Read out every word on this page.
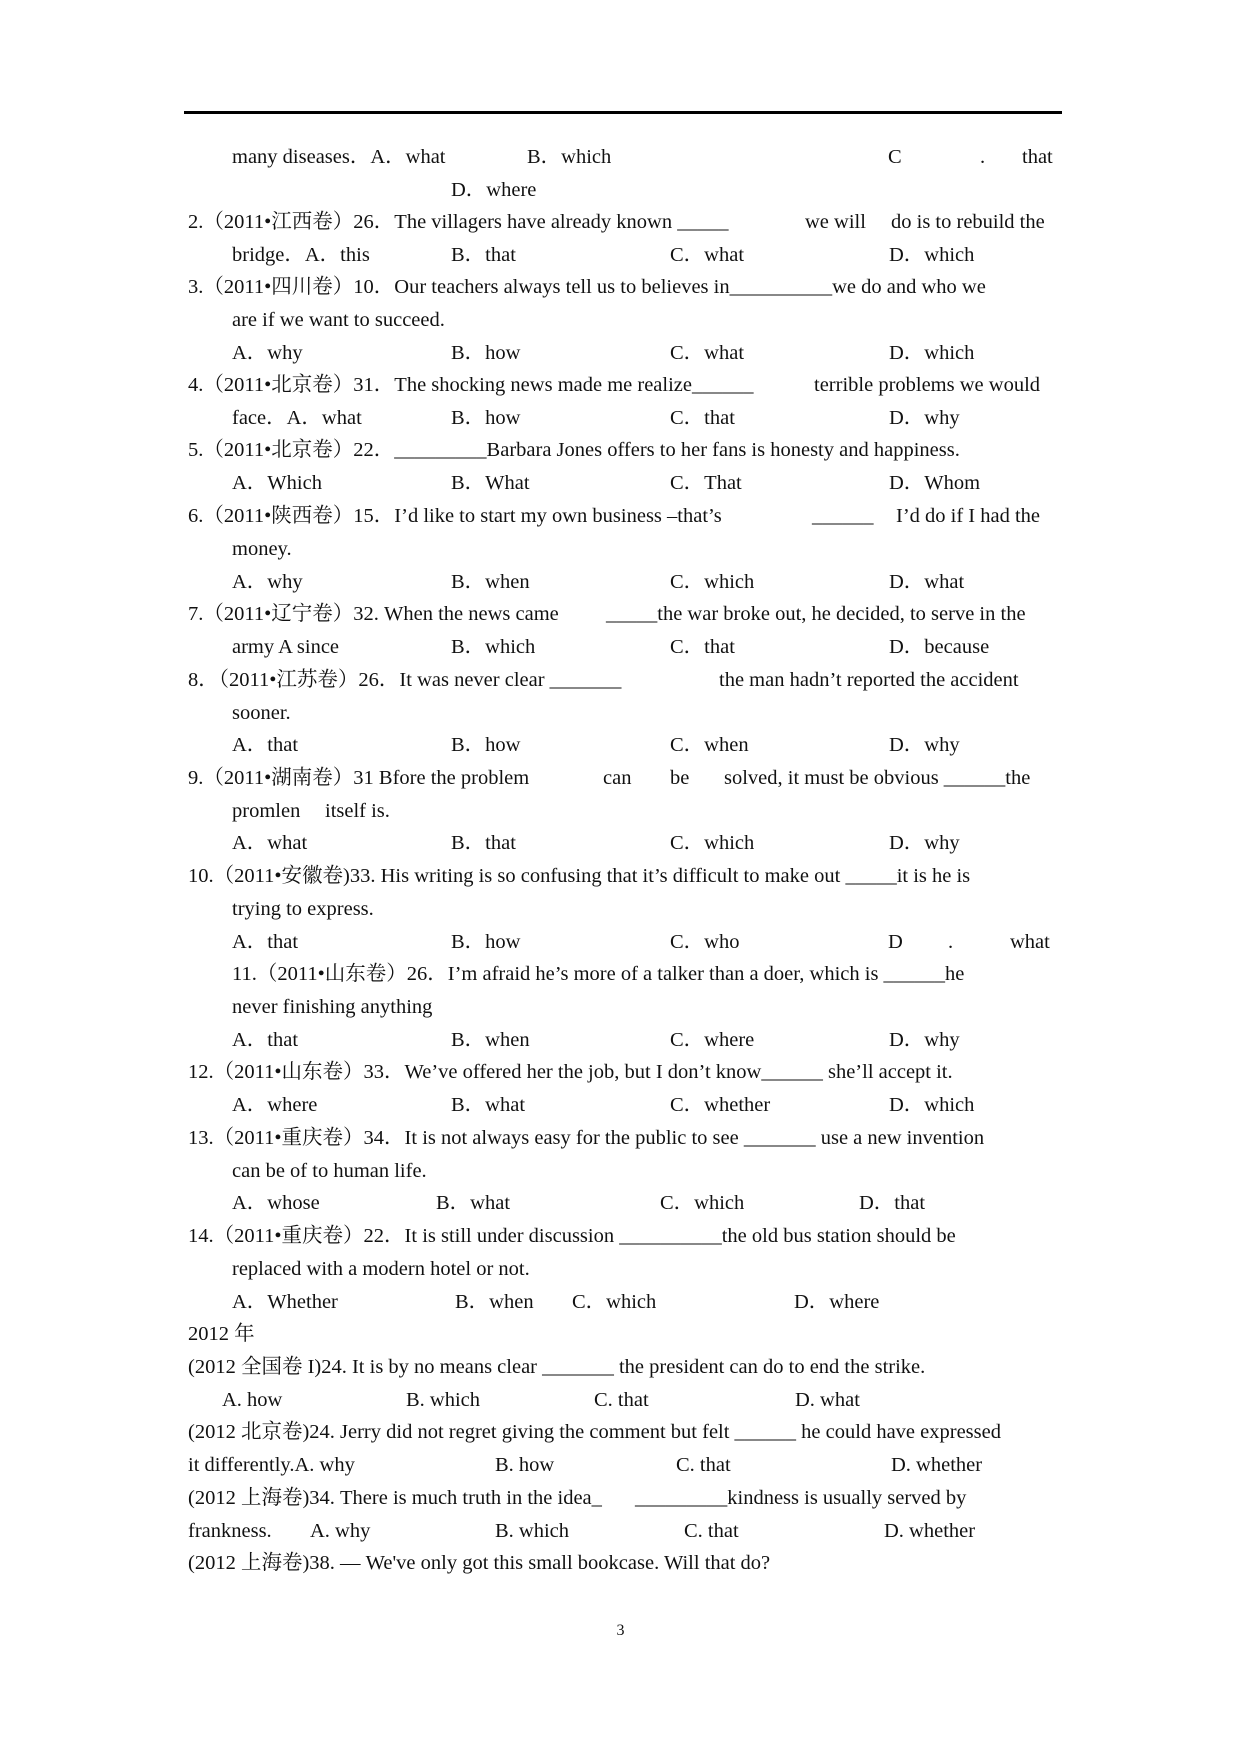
many diseases．A．what	B．which	C	. that
D．where
2.（2011•江西卷）26．The villagers have already known _____	we will do is to rebuild the
bridge．A．this	B．that	C．what	D．which
3.（2011•四川卷）10．Our teachers always tell us to believes in__________we do and who we
are if we want to succeed.
A．why	B．how	C．what	D．which
4.（2011•北京卷）31．The shocking news made me realize______	terrible problems we would
face．A．what	B．how	C．that	D．why
5.（2011•北京卷）22．_________Barbara Jones offers to her fans is honesty and happiness.
A．Which	B．What	C．That	D．Whom
6.（2011•陕西卷）15．I’d like to start my own business –that’s	______ I’d do if I had the
money.
A．why	B．when	C．which	D．what
7.（2011•辽宁卷）32. When the news came _____the war broke out, he decided, to serve in the
army A since	B．which	C．that	D．because
8．（2011•江苏卷）26．It was never clear _______	the man hadn’t reported the accident
sooner.
A．that	B．how	C．when	D．why
9.（2011•湖南卷）31 Bfore the problem	can be solved, it must be obvious ______the
promlen itself is.
A．what	B．that	C．which	D．why
10.（2011•安徽卷)33. His writing is so confusing that it’s difficult to make out _____it is he is
trying to express.
A．that	B．how	C．who	D .	what
11.（2011•山东卷）26．I’m afraid he’s more of a talker than a doer, which is ______he
never finishing anything
A．that	B．when	C．where	D．why
12.（2011•山东卷）33．We’ve offered her the job, but I don’t know______ she’ll accept it.
A．where	B．what	C．whether	D．which
13.（2011•重庆卷）34．It is not always easy for the public to see _______ use a new invention
can be of to human life.
A．whose	B．what	C．which	D．that
14.（2011•重庆卷）22．It is still under discussion __________the old bus station should be
replaced with a modern hotel or not.
A．Whether	B．when C．which	D．where
2012 年
(2012 全国卷 I)24. It is by no means clear _______ the president can do to end the strike.
A. how	B. which	C. that	D. what
(2012 北京卷)24. Jerry did not regret giving the comment but felt ______ he could have expressed
it differently.A. why	B. how	C. that	D. whether
(2012 上海卷)34. There is much truth in the idea_ _________kindness is usually served by
frankness. A. why	B. which	C. that	D. whether
(2012 上海卷)38. — We've only got this small bookcase. Will that do?
3
